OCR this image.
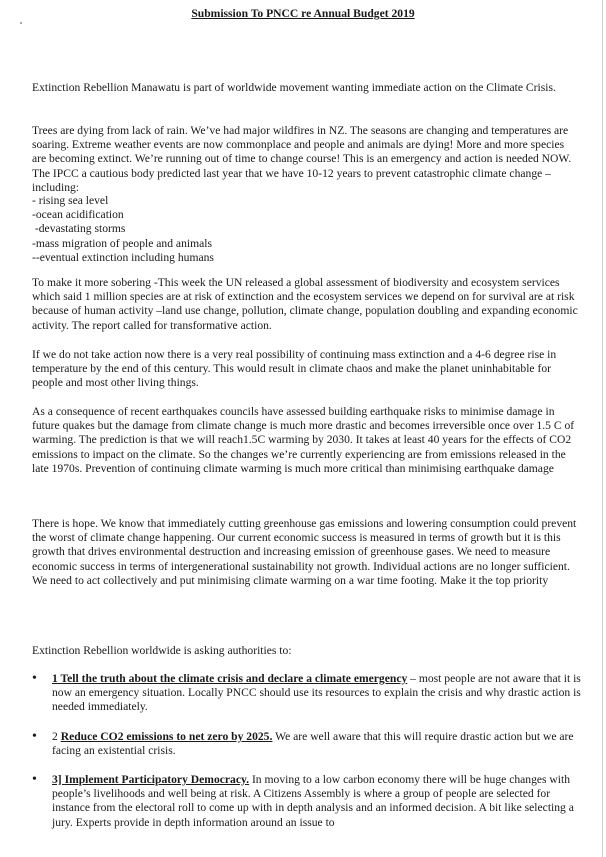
Submission To PNCC re Annual Budget 2019

Extinction Rebellion Manawatu is part of worldwide movement wanting immediate action on the Climate Crisis.

Trees are dying from lack of rain. We’ve had major wildfires in NZ. The seasons are changing and temperatures are soaring. Extreme weather events are now commonplace and people and animals are dying! More and more species are becoming extinct. We’re running out of time to change course! This is an emergency and action is needed NOW. The IPCC a cautious body predicted last year that we have 10-12 years to prevent catastrophic climate change – including:

- rising sea level
-ocean acidification
-devastating storms
-mass migration of people and animals
--eventual extinction including humans

To make it more sobering -This week the UN released a global assessment of biodiversity and ecosystem services which said 1 million species are at risk of extinction and the ecosystem services we depend on for survival are at risk because of human activity –land use change, pollution, climate change, population doubling and expanding economic activity. The report called for transformative action.

If we do not take action now there is a very real possibility of continuing mass extinction and a 4-6 degree rise in temperature by the end of this century. This would result in climate chaos and make the planet uninhabitable for people and most other living things.

As a consequence of recent earthquakes councils have assessed building earthquake risks to minimise damage in future quakes but the damage from climate change is much more drastic and becomes irreversible once over 1.5 C of warming. The prediction is that we will reach1.5C warming by 2030. It takes at least 40 years for the effects of CO2 emissions to impact on the climate. So the changes we’re currently experiencing are from emissions released in the late 1970s. Prevention of continuing climate warming is much more critical than minimising earthquake damage

There is hope. We know that immediately cutting greenhouse gas emissions and lowering consumption could prevent the worst of climate change happening. Our current economic success is measured in terms of growth but it is this growth that drives environmental destruction and increasing emission of greenhouse gases. We need to measure economic success in terms of intergenerational sustainability not growth. Individual actions are no longer sufficient. We need to act collectively and put minimising climate warming on a war time footing. Make it the top priority

Extinction Rebellion worldwide is asking authorities to:

• 1 Tell the truth about the climate crisis and declare a climate emergency – most people are not aware that it is now an emergency situation. Locally PNCC should use its resources to explain the crisis and why drastic action is needed immediately.
• 2 Reduce CO2 emissions to net zero by 2025. We are well aware that this will require drastic action but we are facing an existential crisis.
• 3] Implement Participatory Democracy. In moving to a low carbon economy there will be huge changes with people’s livelihoods and well being at risk. A Citizens Assembly is where a group of people are selected for instance from the electoral roll to come up with in depth analysis and an informed decision. A bit like selecting a jury. Experts provide in depth information around an issue to
